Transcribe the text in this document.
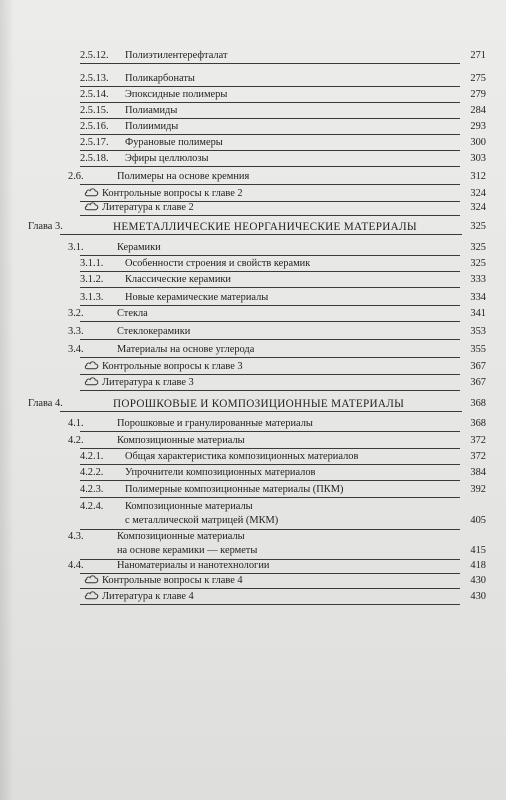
2.5.12. Полиэтилентерефталат	271
2.5.13. Поликарбонаты	275
2.5.14. Эпоксидные полимеры	279
2.5.15. Полиамиды	284
2.5.16. Полиимиды	293
2.5.17. Фурановые полимеры	300
2.5.18. Эфиры целлюлозы	303
2.6.	Полимеры на основе кремния	312
Контрольные вопросы к главе 2	324
Литература к главе 2	324
Глава 3.	НЕМЕТАЛЛИЧЕСКИЕ НЕОРГАНИЧЕСКИЕ МАТЕРИАЛЫ	325
3.1.	Керамики	325
3.1.1. Особенности строения и свойств керамик	325
3.1.2. Классические керамики	333
3.1.3. Новые керамические материалы	334
3.2.	Стекла	341
3.3.	Стеклокерамики	353
3.4.	Материалы на основе углерода	355
Контрольные вопросы к главе 3	367
Литература к главе 3	367
Глава 4.	ПОРОШКОВЫЕ И КОМПОЗИЦИОННЫЕ МАТЕРИАЛЫ	368
4.1.	Порошковые и гранулированные материалы	368
4.2.	Композиционные материалы	372
4.2.1. Общая характеристика композиционных материалов	372
4.2.2. Упрочнители композиционных материалов	384
4.2.3. Полимерные композиционные материалы (ПКМ)	392
4.2.4. Композиционные материалы
с металлической матрицей (МКМ)	405
4.3.	Композиционные материалы
на основе керамики — керметы	415
4.4.	Наноматериалы и нанотехнологии	418
Контрольные вопросы к главе 4	430
Литература к главе 4	430
